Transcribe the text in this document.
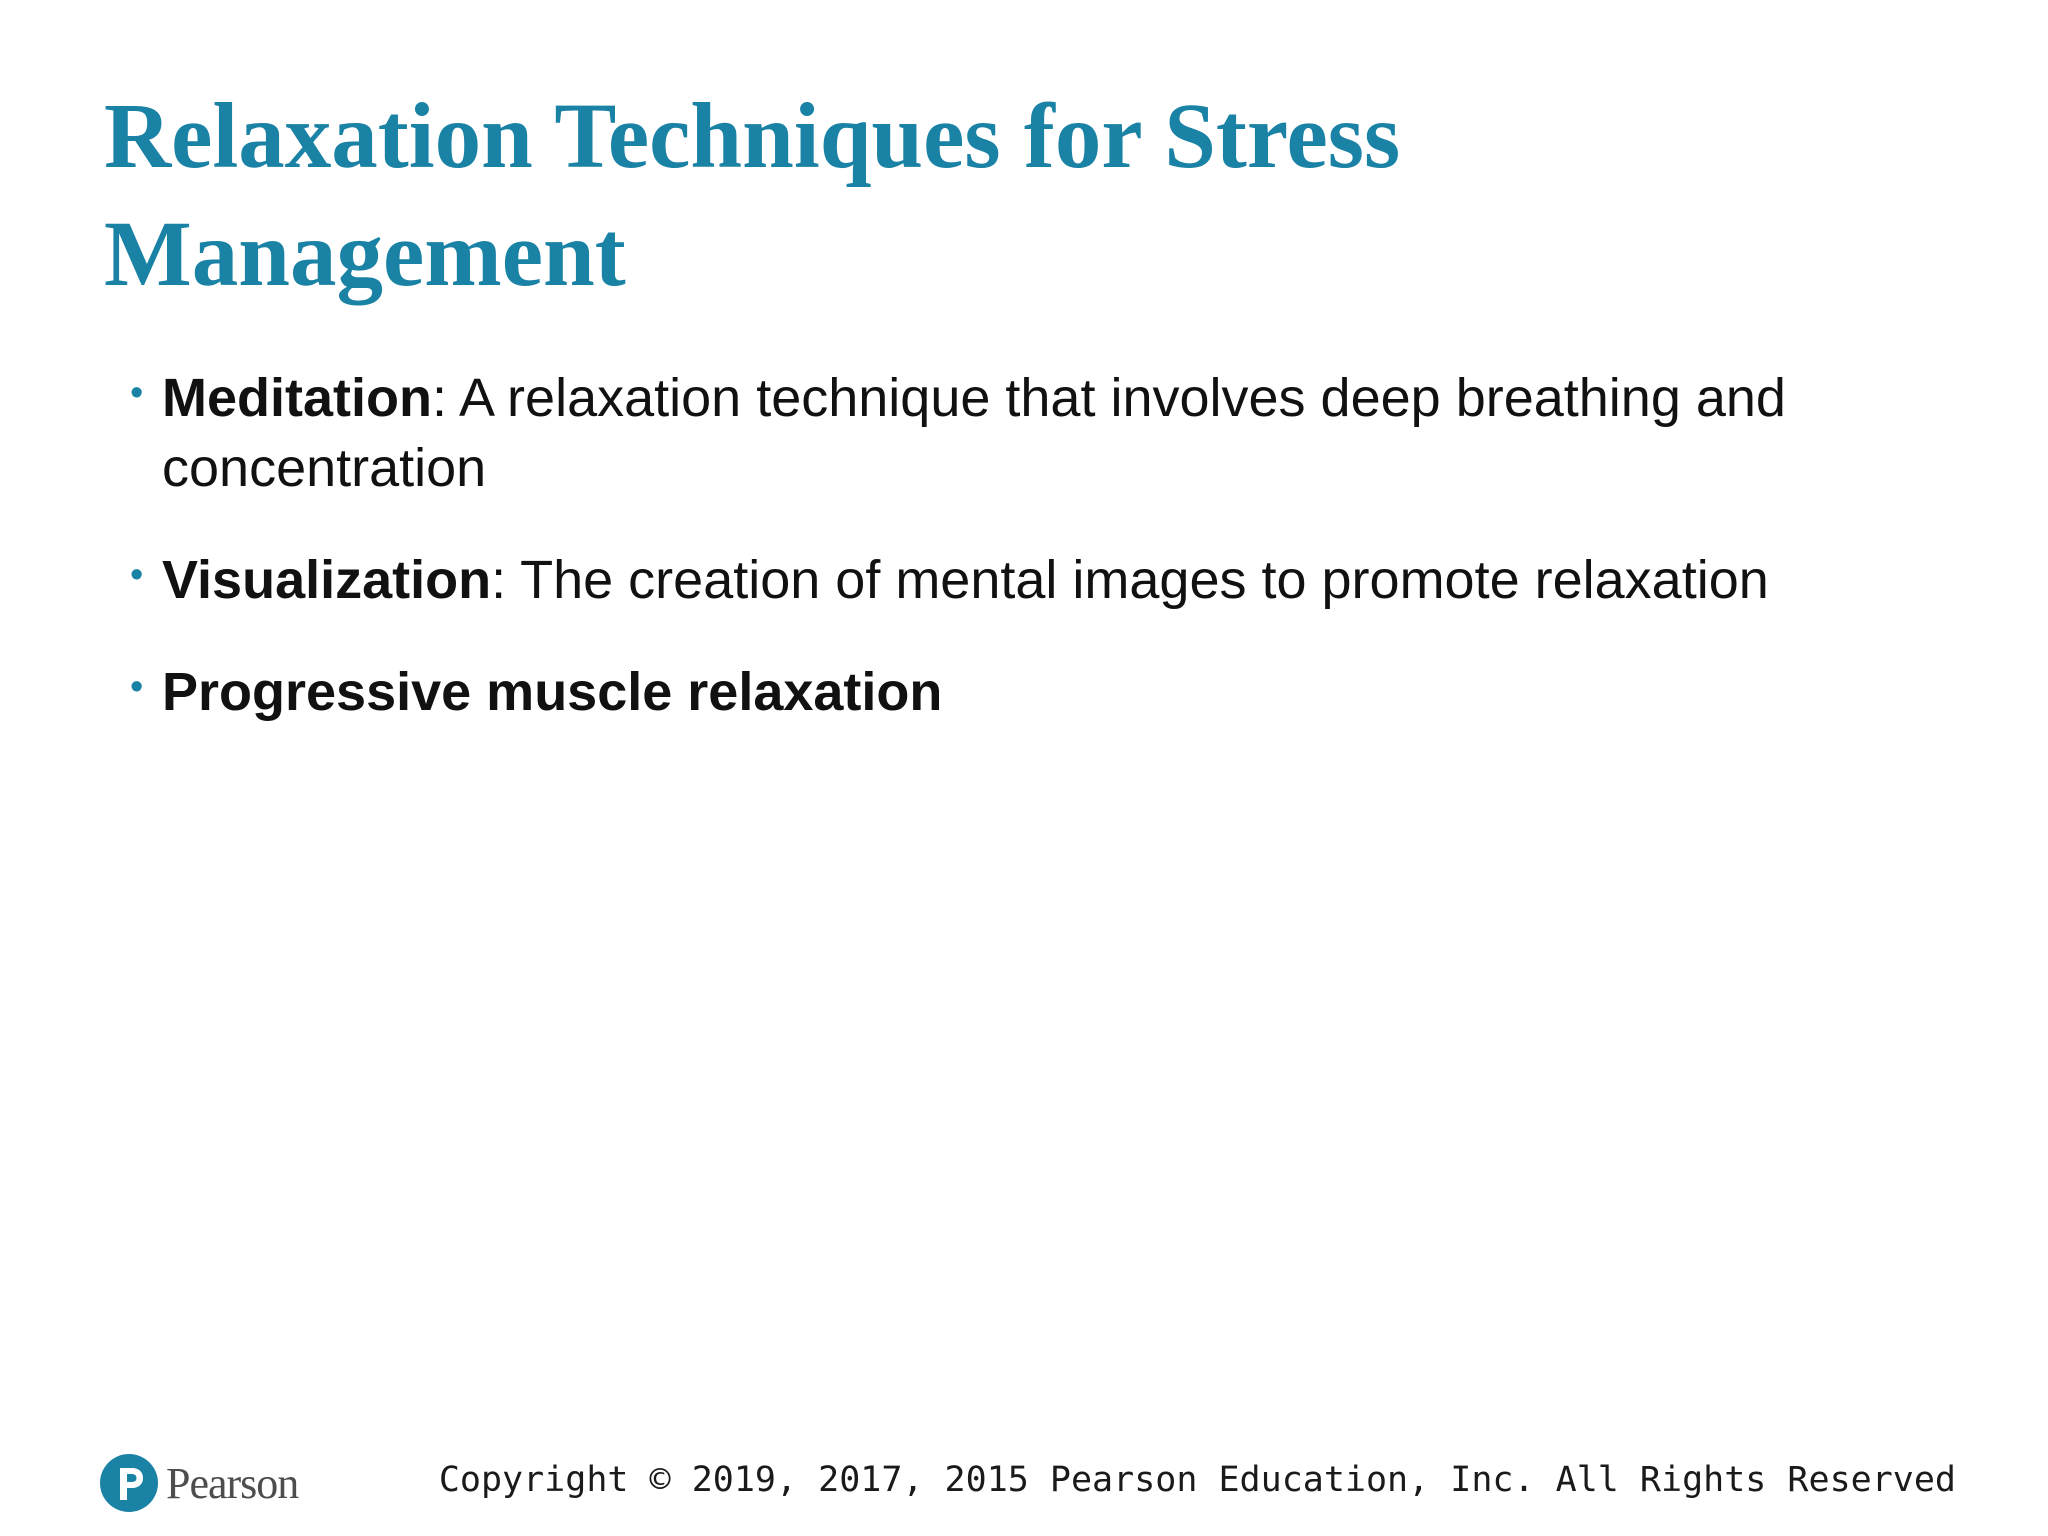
Relaxation Techniques for Stress Management
• Meditation: A relaxation technique that involves deep breathing and concentration
• Visualization: The creation of mental images to promote relaxation
• Progressive muscle relaxation
Pearson	Copyright © 2019, 2017, 2015 Pearson Education, Inc. All Rights Reserved
